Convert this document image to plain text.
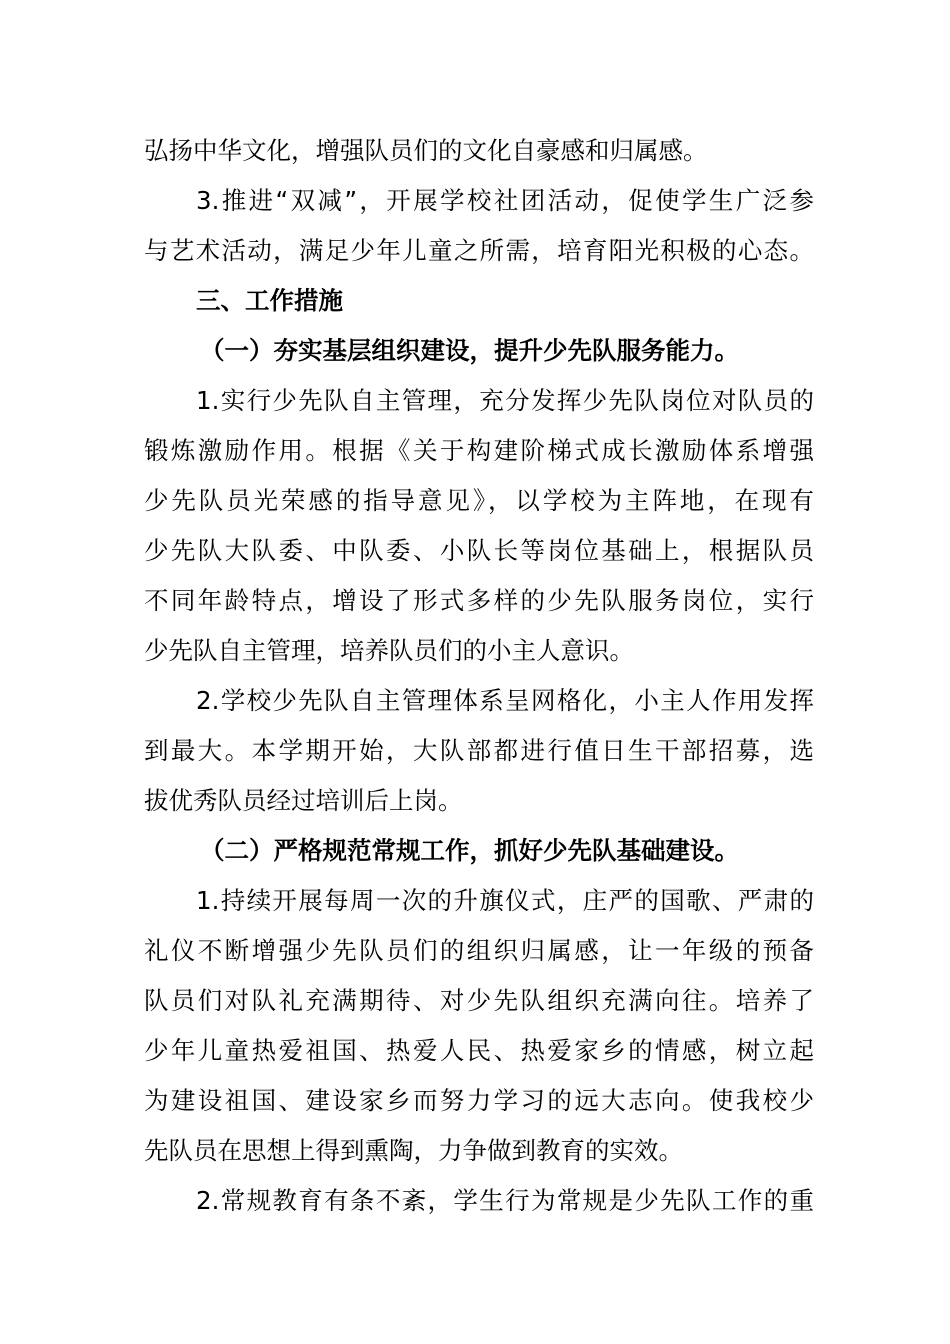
弘扬中华文化，增强队员们的文化自豪感和归属感。
3.推进“双减”，开展学校社团活动，促使学生广泛参
与艺术活动，满足少年儿童之所需，培育阳光积极的心态。
三、工作措施
（一）夯实基层组织建设，提升少先队服务能力。
1.实行少先队自主管理，充分发挥少先队岗位对队员的
锻炼激励作用。根据《关于构建阶梯式成长激励体系增强
少先队员光荣感的指导意见》，以学校为主阵地，在现有
少先队大队委、中队委、小队长等岗位基础上，根据队员
不同年龄特点，增设了形式多样的少先队服务岗位，实行
少先队自主管理，培养队员们的小主人意识。
2.学校少先队自主管理体系呈网格化，小主人作用发挥
到最大。本学期开始，大队部都进行值日生干部招募，选
拔优秀队员经过培训后上岗。
（二）严格规范常规工作，抓好少先队基础建设。
1.持续开展每周一次的升旗仪式，庄严的国歌、严肃的
礼仪不断增强少先队员们的组织归属感，让一年级的预备
队员们对队礼充满期待、对少先队组织充满向往。培养了
少年儿童热爱祖国、热爱人民、热爱家乡的情感，树立起
为建设祖国、建设家乡而努力学习的远大志向。使我校少
先队员在思想上得到熏陶，力争做到教育的实效。
2.常规教育有条不紊，学生行为常规是少先队工作的重
